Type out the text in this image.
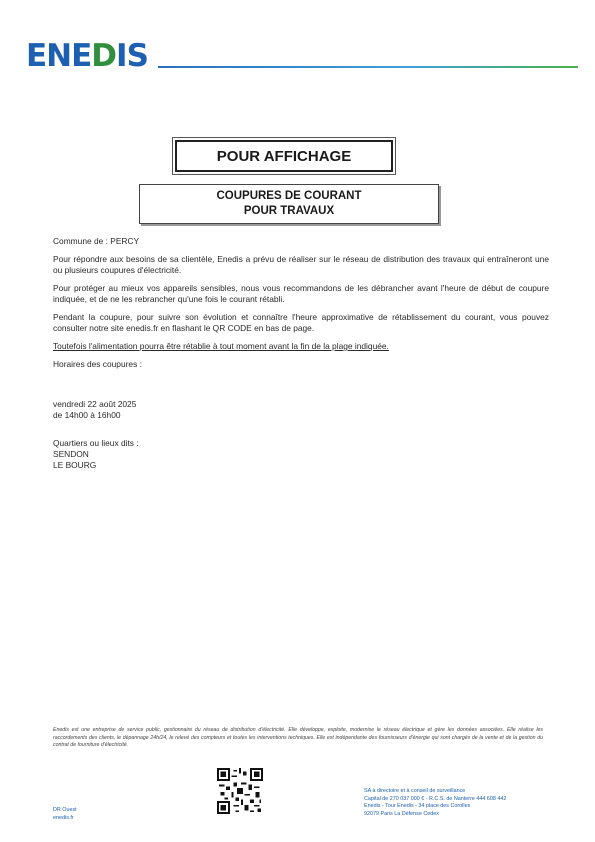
ENEDIS
POUR AFFICHAGE
COUPURES DE COURANT
POUR TRAVAUX

Commune de : PERCY

Pour répondre aux besoins de sa clientèle, Enedis a prévu de réaliser sur le réseau de distribution des travaux qui entraîneront une ou plusieurs coupures d'électricité.

Pour protéger au mieux vos appareils sensibles, nous vous recommandons de les débrancher avant l'heure de début de coupure indiquée, et de ne les rebrancher qu'une fois le courant rétabli.

Pendant la coupure, pour suivre son évolution et connaître l'heure approximative de rétablissement du courant, vous pouvez consulter notre site enedis.fr en flashant le QR CODE en bas de page.

Toutefois l'alimentation pourra être rétablie à tout moment avant la fin de la plage indiquée.

Horaires des coupures :

vendredi 22 août 2025

de 14h00 à 16h00

Quartiers ou lieux dits :

SENDON

LE BOURG

Enedis est une entreprise de service public, gestionnaire du réseau de distribution d'électricité. Elle développe, exploite, modernise le réseau électrique et gère les données associées. Elle réalise les raccordements des clients, le dépannage 24h/24, le relevé des compteurs et toutes les interventions techniques. Elle est indépendante des fournisseurs d'énergie qui sont chargés de la vente et de la gestion du contrat de fourniture d'électricité.
SA à directoire et à conseil de surveillance
Capital de 270 037 000 € - R.C.S. de Nanterre 444 608 442
Enedis - Tour Enedis - 34 place des Corolles
92079 Paris La Défense Cedex
DR Ouest
enedis.fr
